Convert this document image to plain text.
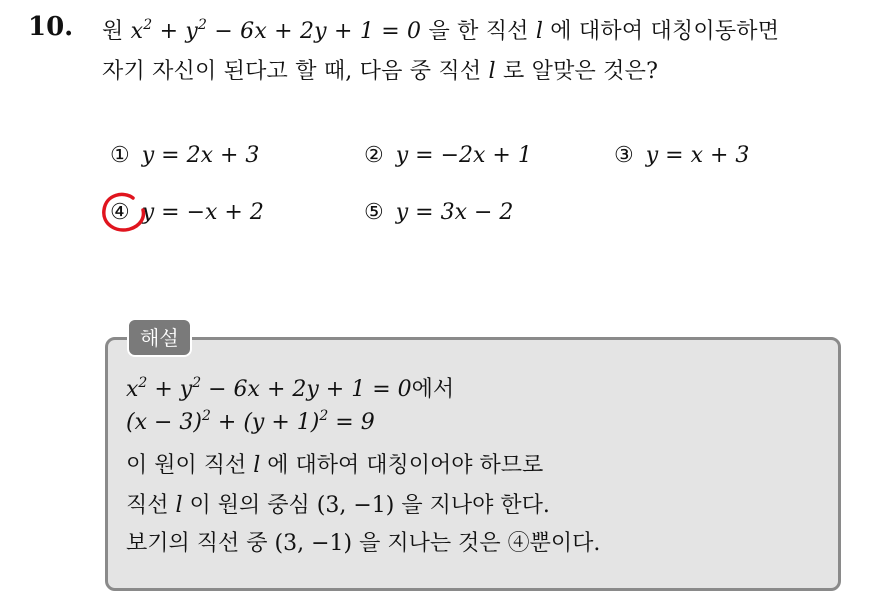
10. 원 $x^2 + y^2 - 6x + 2y + 1 = 0$ 을 한 직선 l 에 대하여 대칭이동하면
자기 자신이 된다고 할 때, 다음 중 직선 l 로 알맞은 것은?
① y = 2x + 3	② y = −2x + 1	③ y = x + 3
④ y = −x + 2	⑤ y = 3x − 2
해설
$x^2 + y^2 - 6x + 2y + 1 = 0$에서
$(x - 3)^2 + (y + 1)^2 = 9$
이 원이 직선 l 에 대하여 대칭이어야 하므로
직선 l 이 원의 중심 (3, −1) 을 지나야 한다.
보기의 직선 중 (3, −1) 을 지나는 것은 ④뿐이다.
